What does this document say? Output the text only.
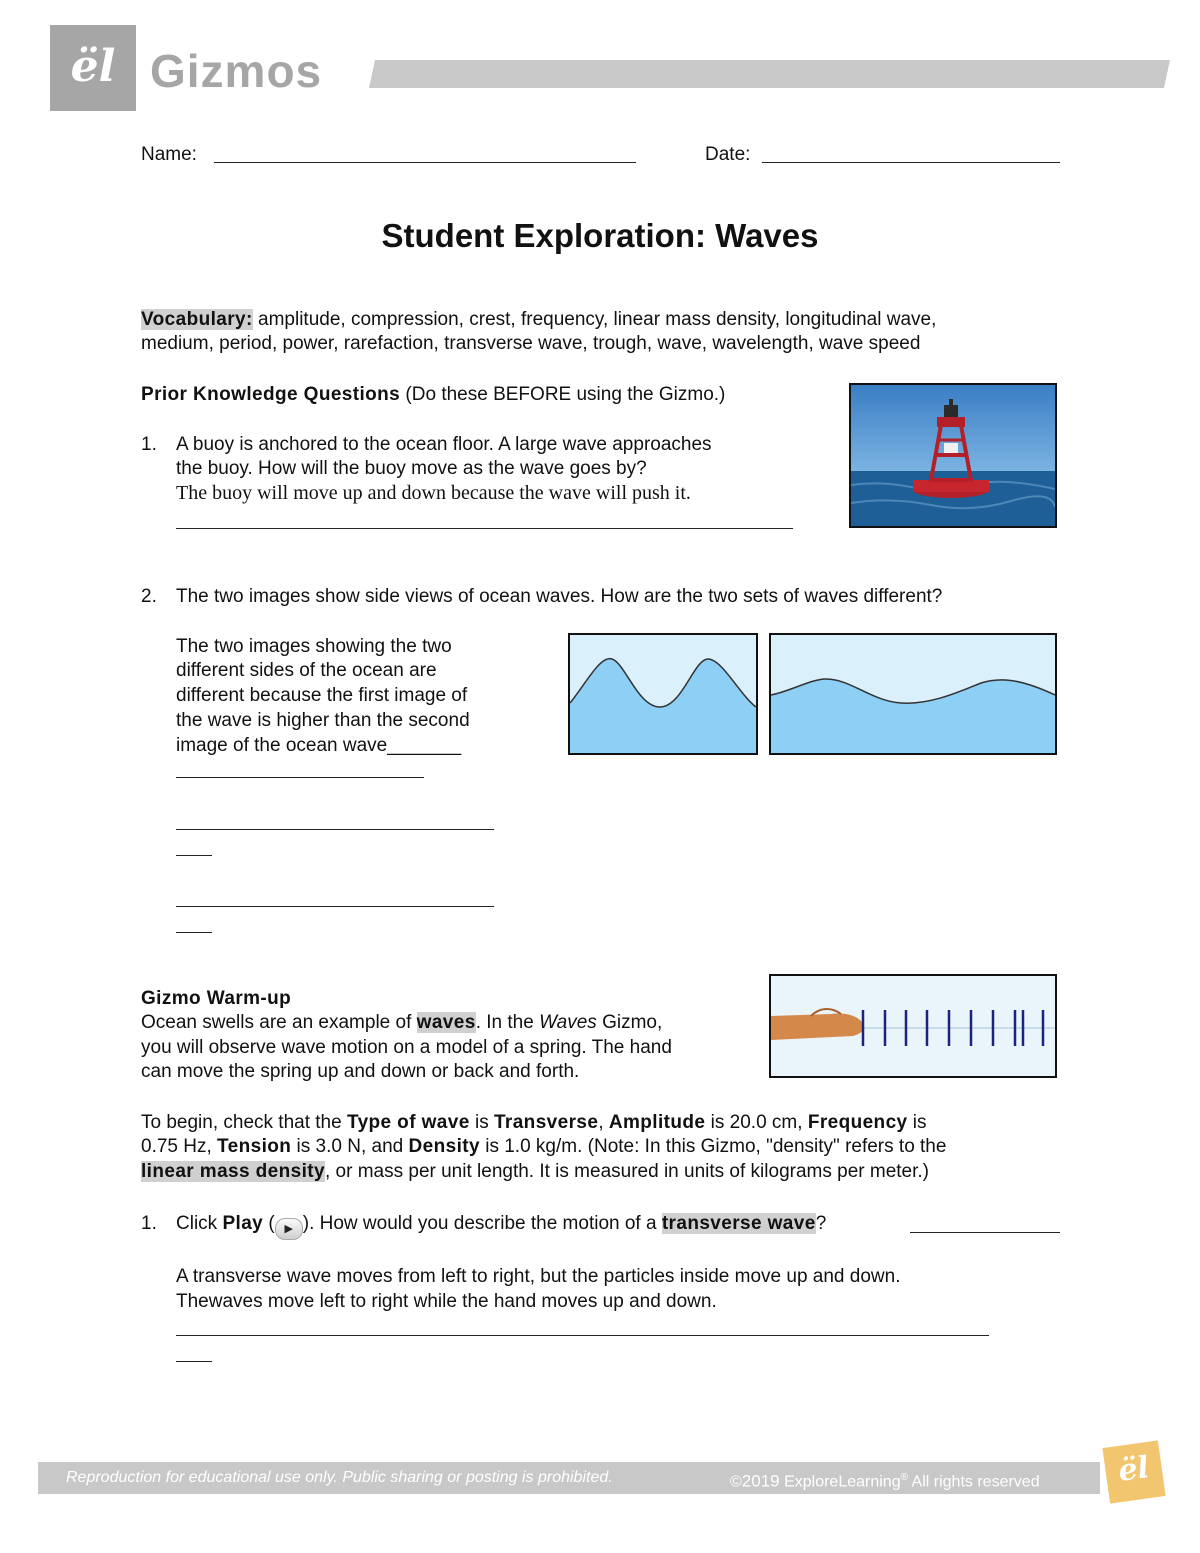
ël Gizmos
Name:	Date:
Student Exploration: Waves
Vocabulary: amplitude, compression, crest, frequency, linear mass density, longitudinal wave,
medium, period, power, rarefaction, transverse wave, trough, wave, wavelength, wave speed
Prior Knowledge Questions (Do these BEFORE using the Gizmo.)
1. A buoy is anchored to the ocean floor. A large wave approaches
the buoy. How will the buoy move as the wave goes by?
The buoy will move up and down because the wave will push it.
2. The two images show side views of ocean waves. How are the two sets of waves different?
The two images showing the two
different sides of the ocean are
different because the first image of
the wave is higher than the second
image of the ocean wave_______
Gizmo Warm-up
Ocean swells are an example of waves. In the Waves Gizmo,
you will observe wave motion on a model of a spring. The hand
can move the spring up and down or back and forth.
To begin, check that the Type of wave is Transverse, Amplitude is 20.0 cm, Frequency is
0.75 Hz, Tension is 3.0 N, and Density is 1.0 kg/m. (Note: In this Gizmo, "density" refers to the
linear mass density, or mass per unit length. It is measured in units of kilograms per meter.)
1. Click Play ( ▶ ). How would you describe the motion of a transverse wave?
A transverse wave moves from left to right, but the particles inside move up and down.
Thewaves move left to right while the hand moves up and down.
Reproduction for educational use only. Public sharing or posting is prohibited.	©2019 ExploreLearning® All rights reserved	ël
